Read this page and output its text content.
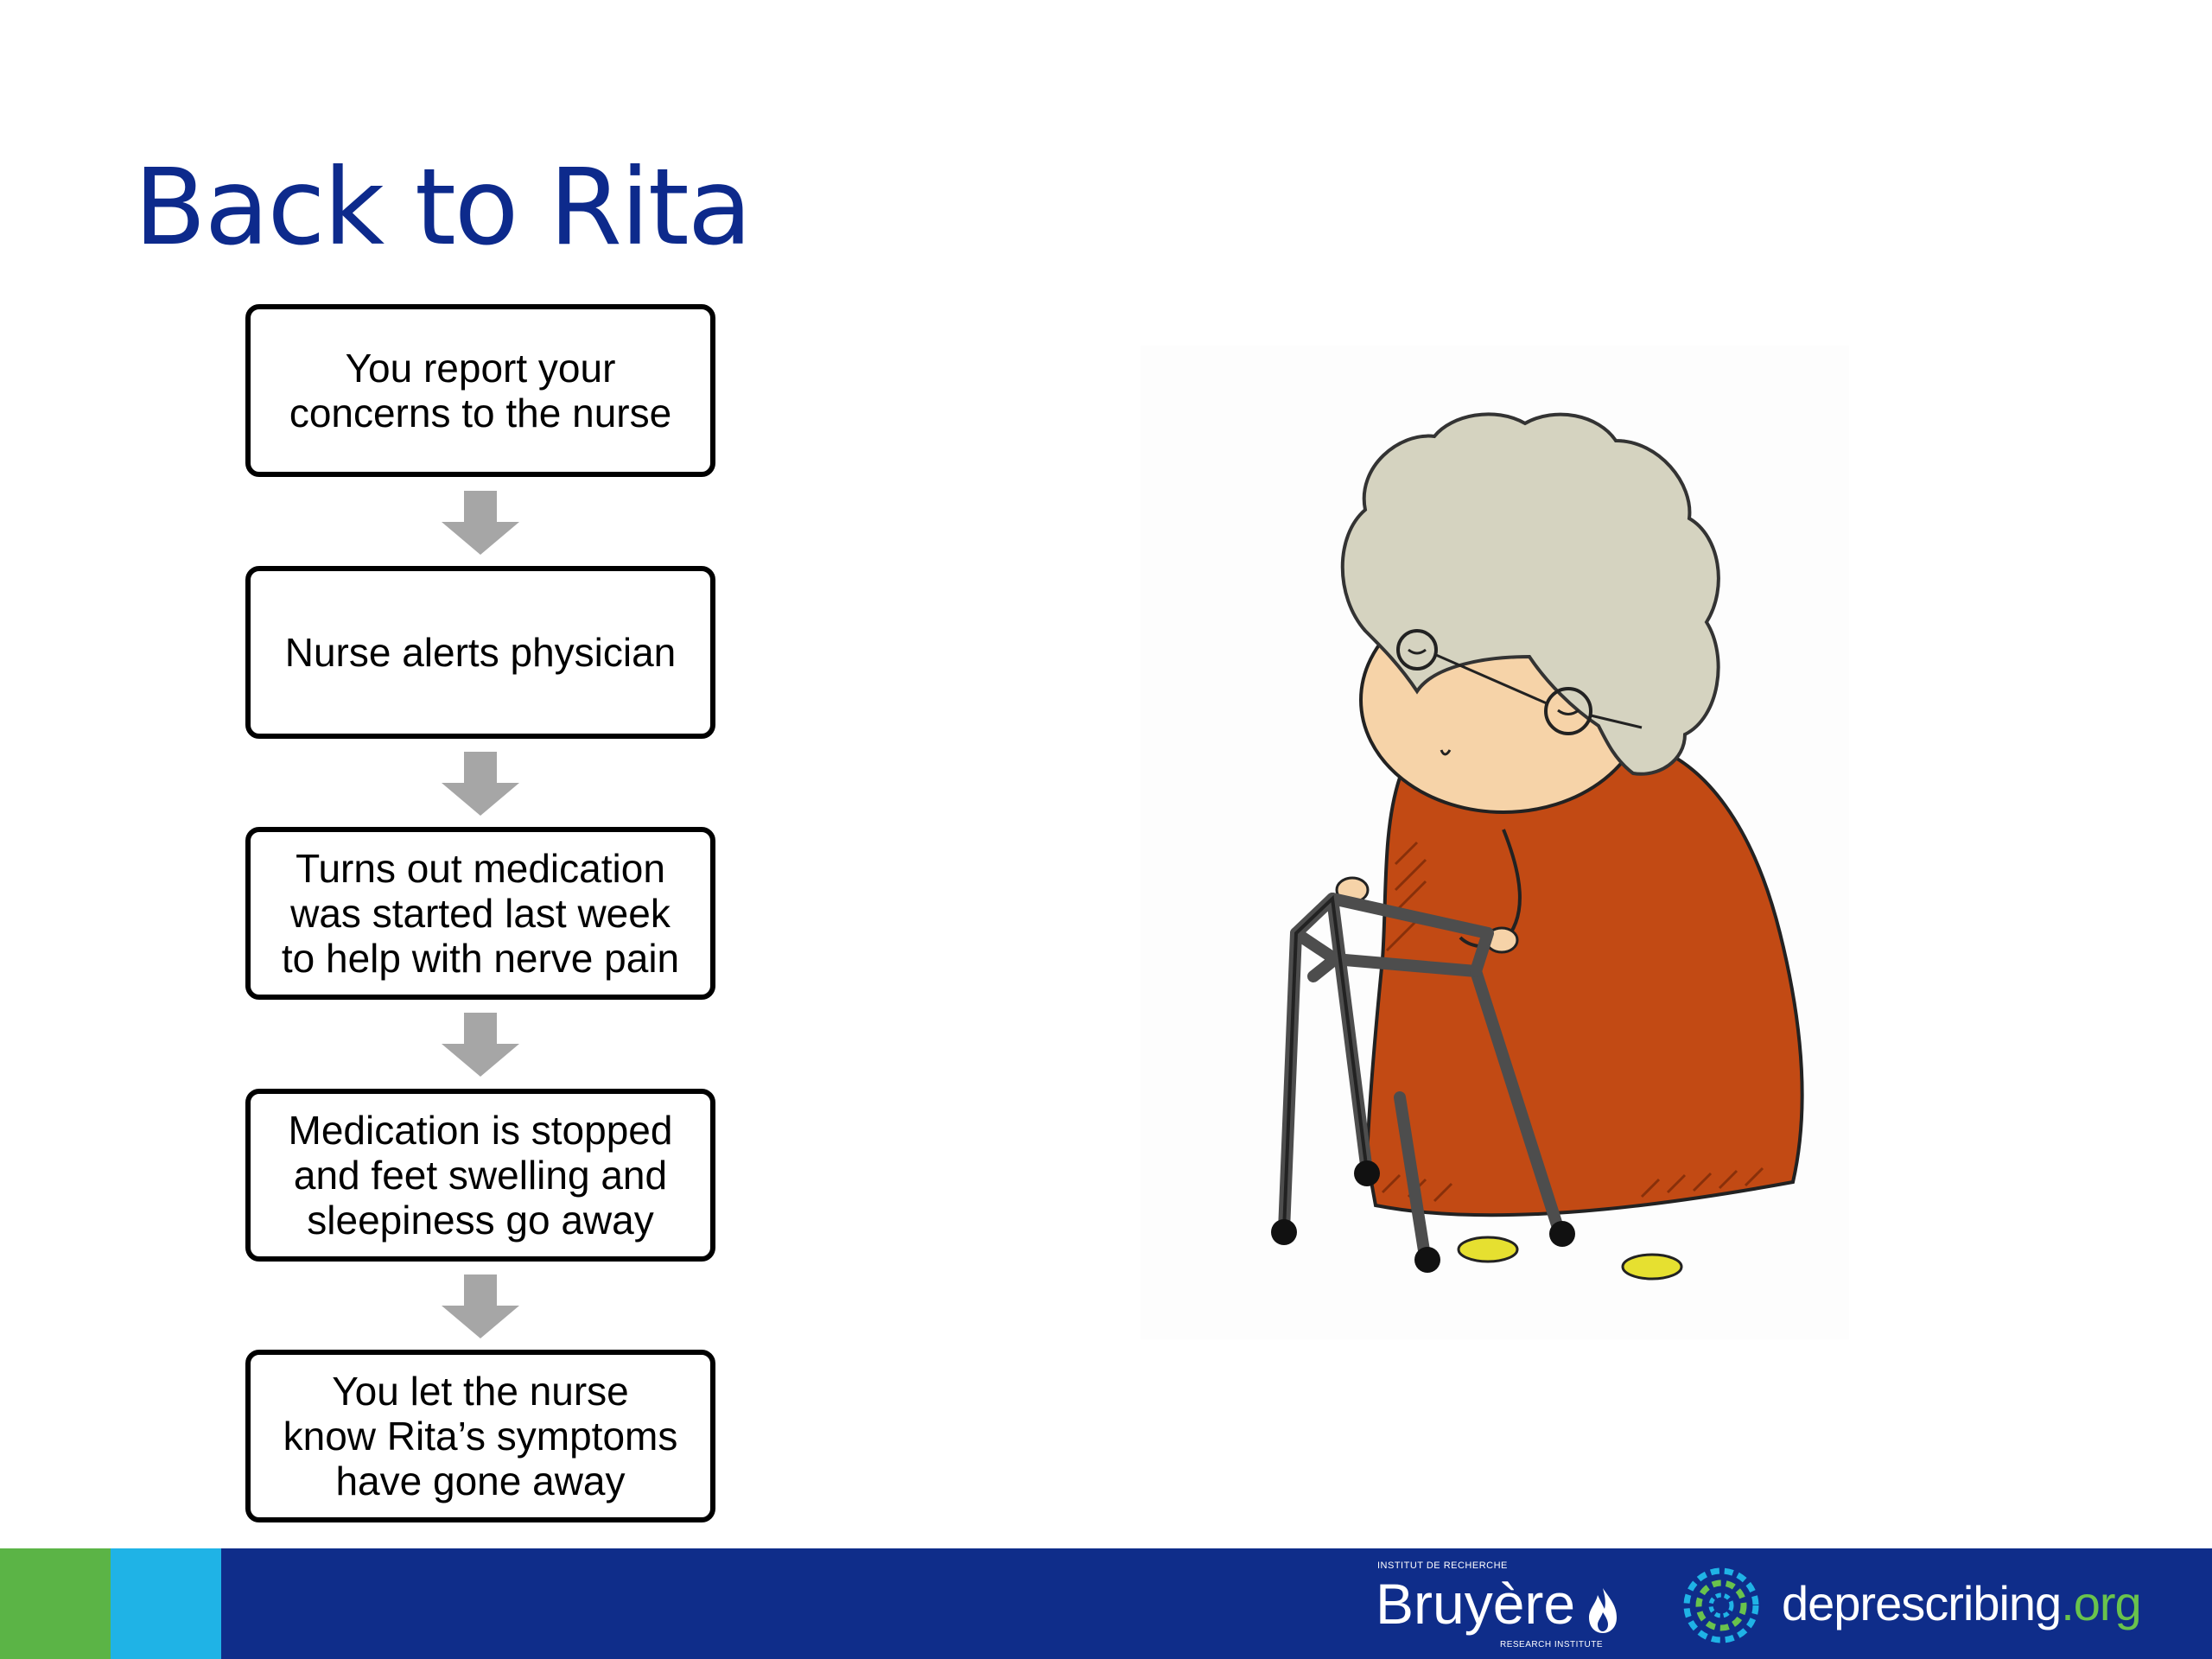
Back to Rita
You report your
concerns to the nurse
Nurse alerts physician
Turns out medication
was started last week
to help with nerve pain
Medication is stopped
and feet swelling and
sleepiness go away
You let the nurse
know Rita’s symptoms
have gone away
INSTITUT DE RECHERCHE
Bruyère
RESEARCH INSTITUTE
deprescribing.org
